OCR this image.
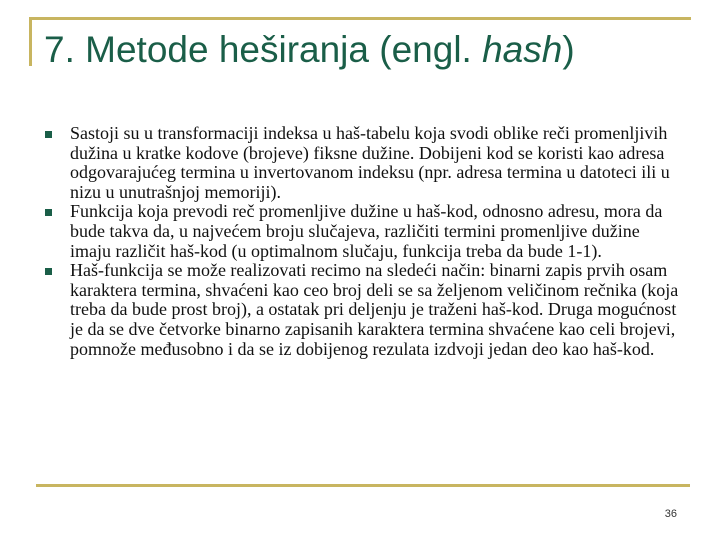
7. Metode heširanja (engl. hash)
Sastoji su u transformaciji indeksa u haš-tabelu koja svodi oblike reči promenljivih dužina u kratke kodove (brojeve) fiksne dužine. Dobijeni kod se koristi kao adresa odgovarajućeg termina u invertovanom indeksu (npr. adresa termina u datoteci ili u nizu u unutrašnjoj memoriji).
Funkcija koja prevodi reč promenljive dužine u haš-kod, odnosno adresu, mora da bude takva da, u najvećem broju slučajeva, različiti termini promenljive dužine imaju različit haš-kod (u optimalnom slučaju, funkcija treba da bude 1-1).
Haš-funkcija se može realizovati recimo na sledeći način: binarni zapis prvih osam karaktera termina, shvaćeni kao ceo broj deli se sa željenom veličinom rečnika (koja treba da bude prost broj), a ostatak pri deljenju je traženi haš-kod. Druga mogućnost je da se dve četvorke binarno zapisanih karaktera termina shvaćene kao celi brojevi, pomnože međusobno i da se iz dobijenog rezulata izdvoji jedan deo kao haš-kod.
36
